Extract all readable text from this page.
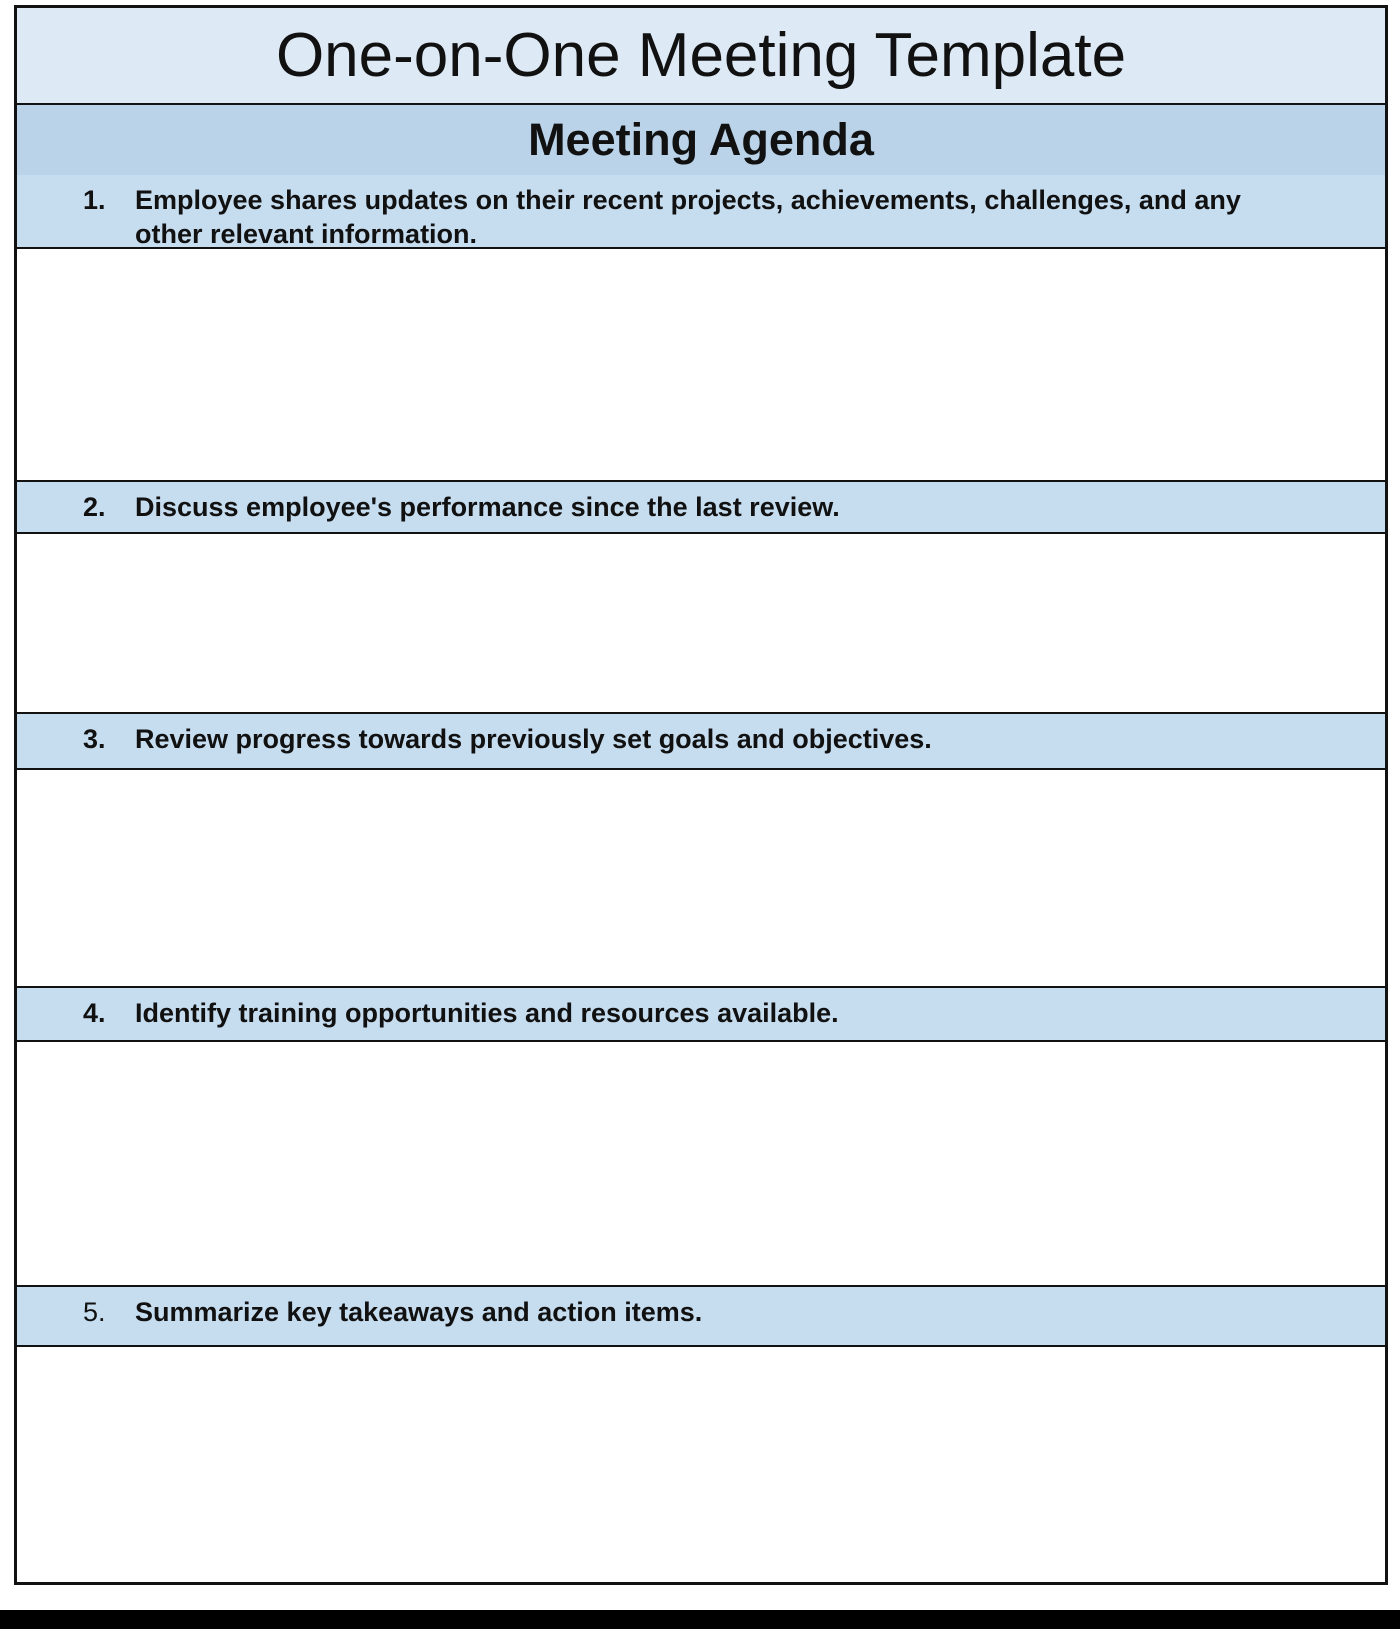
One-on-One Meeting Template
Meeting Agenda
1.	Employee shares updates on their recent projects, achievements, challenges, and any other relevant information.
2.	Discuss employee's performance since the last review.
3.	Review progress towards previously set goals and objectives.
4.	Identify training opportunities and resources available.
5.	Summarize key takeaways and action items.
